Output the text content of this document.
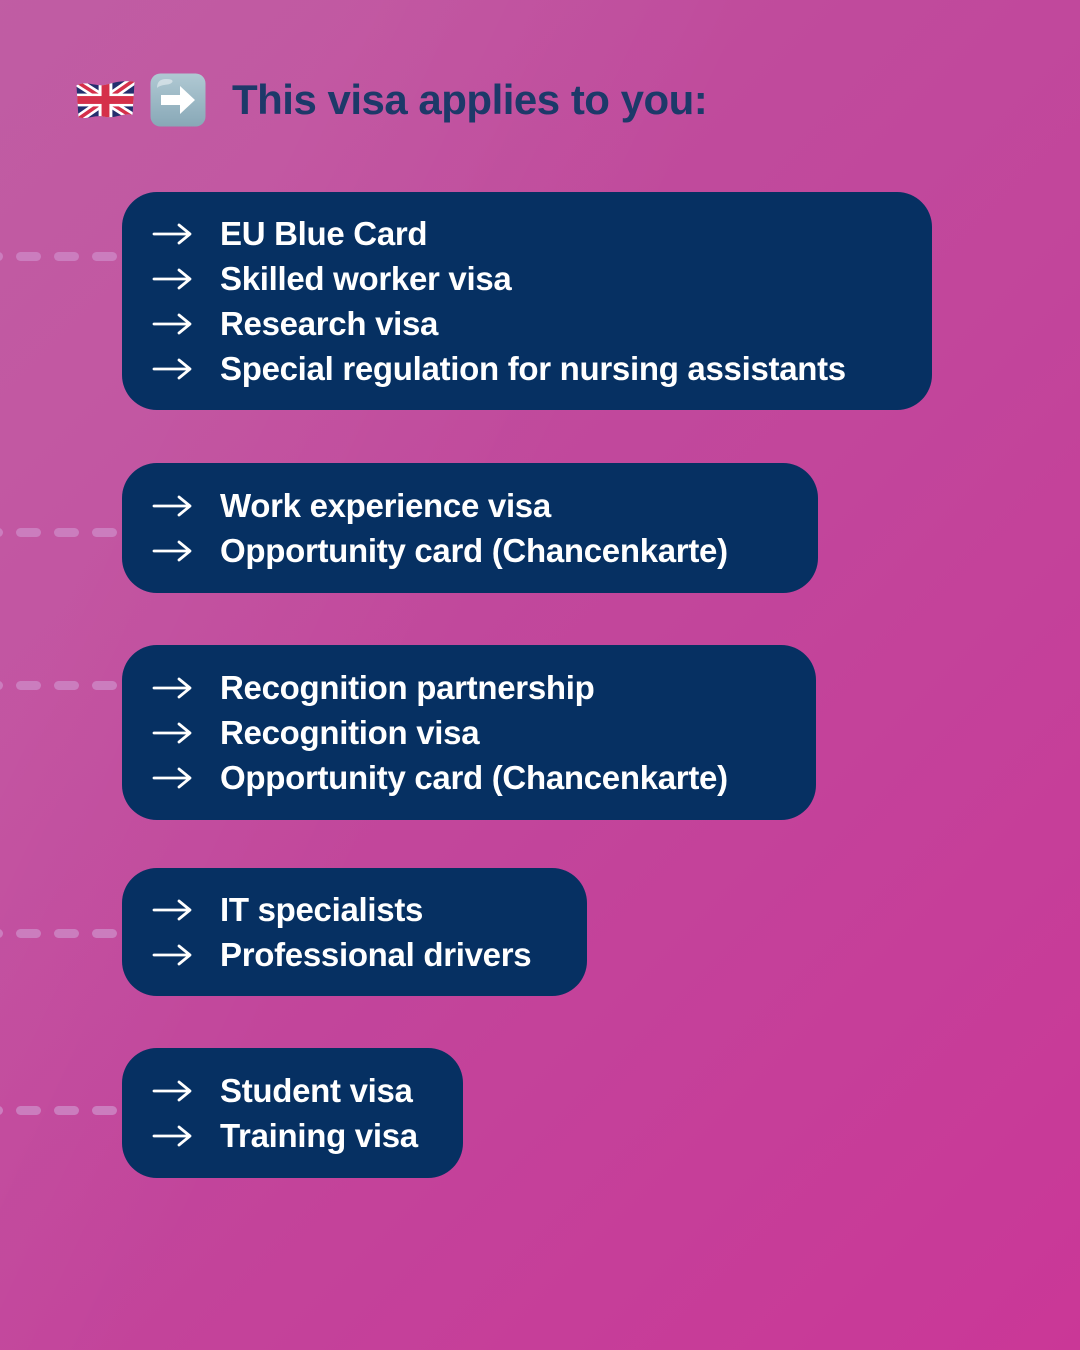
This visa applies to you:
EU Blue Card
Skilled worker visa
Research visa
Special regulation for nursing assistants
Work experience visa
Opportunity card (Chancenkarte)
Recognition partnership
Recognition visa
Opportunity card (Chancenkarte)
IT specialists
Professional drivers
Student visa
Training visa
